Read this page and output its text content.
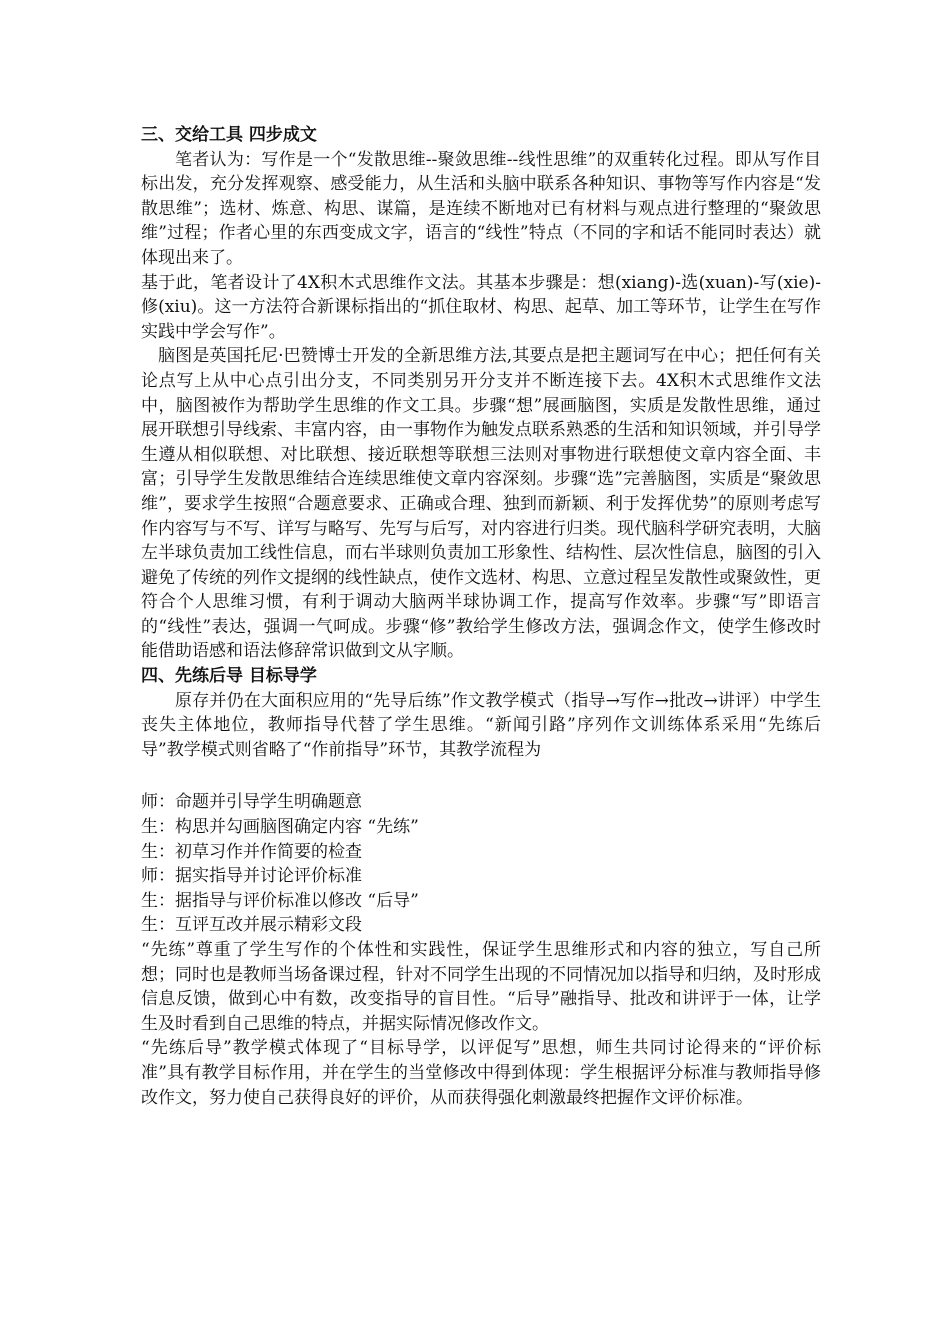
三、交给工具 四步成文

笔者认为：写作是一个“发散思维--聚敛思维--线性思维”的双重转化过程。即从写作目标出发，充分发挥观察、感受能力，从生活和头脑中联系各种知识、事物等写作内容是“发散思维”；选材、炼意、构思、谋篇，是连续不断地对已有材料与观点进行整理的“聚敛思维”过程；作者心里的东西变成文字，语言的“线性”特点（不同的字和话不能同时表达）就体现出来了。

基于此，笔者设计了4X积木式思维作文法。其基本步骤是：想(xiang)-选(xuan)-写(xie)-修(xiu)。这一方法符合新课标指出的“抓住取材、构思、起草、加工等环节，让学生在写作实践中学会写作”。

脑图是英国托尼·巴赞博士开发的全新思维方法,其要点是把主题词写在中心；把任何有关论点写上从中心点引出分支，不同类别另开分支并不断连接下去。4X积木式思维作文法中，脑图被作为帮助学生思维的作文工具。步骤“想”展画脑图，实质是发散性思维，通过展开联想引导线索、丰富内容，由一事物作为触发点联系熟悉的生活和知识领域，并引导学生遵从相似联想、对比联想、接近联想等联想三法则对事物进行联想使文章内容全面、丰富；引导学生发散思维结合连续思维使文章内容深刻。步骤“选”完善脑图，实质是“聚敛思维”，要求学生按照“合题意要求、正确或合理、独到而新颖、利于发挥优势”的原则考虑写作内容写与不写、详写与略写、先写与后写，对内容进行归类。现代脑科学研究表明，大脑左半球负责加工线性信息，而右半球则负责加工形象性、结构性、层次性信息，脑图的引入避免了传统的列作文提纲的线性缺点，使作文选材、构思、立意过程呈发散性或聚敛性，更符合个人思维习惯，有利于调动大脑两半球协调工作，提高写作效率。步骤“写”即语言的“线性”表达，强调一气呵成。步骤“修”教给学生修改方法，强调念作文，使学生修改时能借助语感和语法修辞常识做到文从字顺。

四、先练后导 目标导学

原存并仍在大面积应用的“先导后练”作文教学模式（指导→写作→批改→讲评）中学生丧失主体地位，教师指导代替了学生思维。“新闻引路”序列作文训练体系采用“先练后导”教学模式则省略了“作前指导”环节，其教学流程为

师：命题并引导学生明确题意

生：构思并勾画脑图确定内容 “先练”

生：初草习作并作简要的检查

师：据实指导并讨论评价标准

生：据指导与评价标准以修改 “后导”

生：互评互改并展示精彩文段

“先练”尊重了学生写作的个体性和实践性，保证学生思维形式和内容的独立，写自己所想；同时也是教师当场备课过程，针对不同学生出现的不同情况加以指导和归纳，及时形成信息反馈，做到心中有数，改变指导的盲目性。“后导”融指导、批改和讲评于一体，让学生及时看到自己思维的特点，并据实际情况修改作文。

“先练后导”教学模式体现了“目标导学，以评促写”思想，师生共同讨论得来的“评价标准”具有教学目标作用，并在学生的当堂修改中得到体现：学生根据评分标准与教师指导修改作文，努力使自己获得良好的评价，从而获得强化刺激最终把握作文评价标准。
